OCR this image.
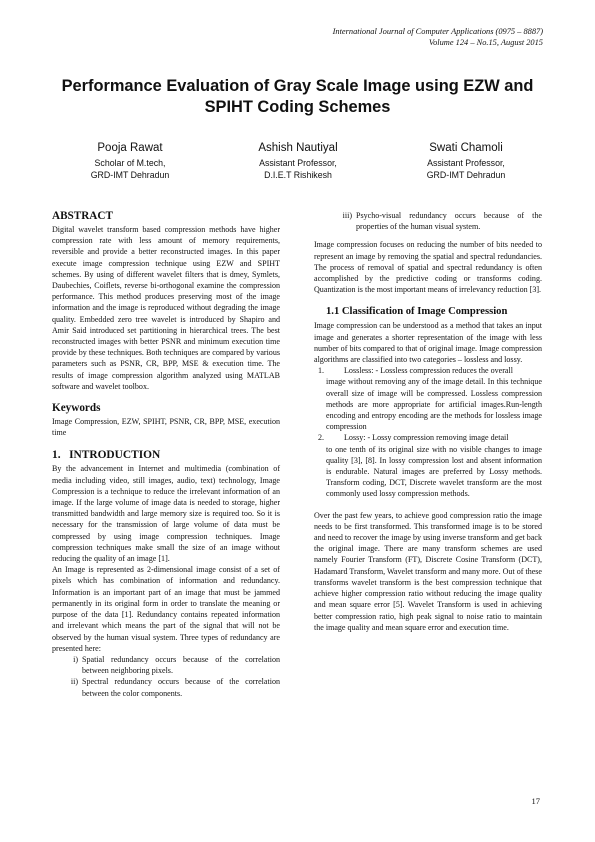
International Journal of Computer Applications (0975 – 8887)
Volume 124 – No.15, August 2015
Performance Evaluation of Gray Scale Image using EZW and SPIHT Coding Schemes
Pooja Rawat
Scholar of M.tech,
GRD-IMT Dehradun
Ashish Nautiyal
Assistant Professor,
D.I.E.T Rishikesh
Swati Chamoli
Assistant Professor,
GRD-IMT Dehradun
ABSTRACT

Digital wavelet transform based compression methods have higher compression rate with less amount of memory requirements, reversible and provide a better reconstructed images. In this paper execute image compression technique using EZW and SPIHT schemes. By using of different wavelet filters that is dmey, Symlets, Daubechies, Coiflets, reverse bi-orthogonal examine the compression performance. This method produces preserving most of the image information and the image is reproduced without degrading the image quality. Embedded zero tree wavelet is introduced by Shapiro and Amir Said introduced set partitioning in hierarchical trees. The best reconstructed images with better PSNR and minimum execution time provide by these techniques. Both techniques are compared by various parameters such as PSNR, CR, BPP, MSE & execution time. The results of image compression algorithm analyzed using MATLAB software and wavelet toolbox.

Keywords

Image Compression, EZW, SPIHT, PSNR, CR, BPP, MSE, execution time

1. INTRODUCTION

By the advancement in Internet and multimedia (combination of media including video, still images, audio, text) technology, Image Compression is a technique to reduce the irrelevant information of an image. If the large volume of image data is needed to storage, higher transmitted bandwidth and large memory size is required too. So it is necessary for the transmission of large volume of data must be compressed by using image compression techniques. Image compression techniques make small the size of an image without reducing the quality of an image [1].

An Image is represented as 2-dimensional image consist of a set of pixels which has combination of information and redundancy. Information is an important part of an image that must be jammed permanently in its original form in order to translate the meaning or purpose of the data [1]. Redundancy contains repeated information and irrelevant which means the part of the signal that will not be observed by the human visual system. Three types of redundancy are presented here:

i) Spatial redundancy occurs because of the correlation between neighboring pixels.
ii) Spectral redundancy occurs because of the correlation between the color components.
iii) Psycho-visual redundancy occurs because of the properties of the human visual system.

Image compression focuses on reducing the number of bits needed to represent an image by removing the spatial and spectral redundancies. The process of removal of spatial and spectral redundancy is often accomplished by the predictive coding or transforms coding. Quantization is the most important means of irrelevancy reduction [3].

1.1 Classification of Image Compression

Image compression can be understood as a method that takes an input image and generates a shorter representation of the image with less number of bits compared to that of original image. Image compression algorithms are classified into two categories – lossless and lossy.

1.	Lossless: - Lossless compression reduces the overall
image without removing any of the image detail. In this technique overall size of image will be compressed. Lossless compression methods are more appropriate for artificial images.Run-length encoding and entropy encoding are the methods for lossless image compression
2.	Lossy: - Lossy compression removing image detail
to one tenth of its original size with no visible changes to image quality [3], [8]. In lossy compression lost and absent information is endurable. Natural images are preferred by Lossy methods. Transform coding, DCT, Discrete wavelet transform are the most commonly used lossy compression methods.

Over the past few years, to achieve good compression ratio the image needs to be first transformed. This transformed image is to be stored and need to recover the image by using inverse transform and get back the original image. There are many transform schemes are used namely Fourier Transform (FT), Discrete Cosine Transform (DCT), Hadamard Transform, Wavelet transform and many more. Out of these transforms wavelet transform is the best compression technique that achieve higher compression ratio without reducing the image quality and mean square error [5]. Wavelet Transform is used in achieving better compression ratio, high peak signal to noise ratio to maintain the image quality and mean square error and execution time.

17
